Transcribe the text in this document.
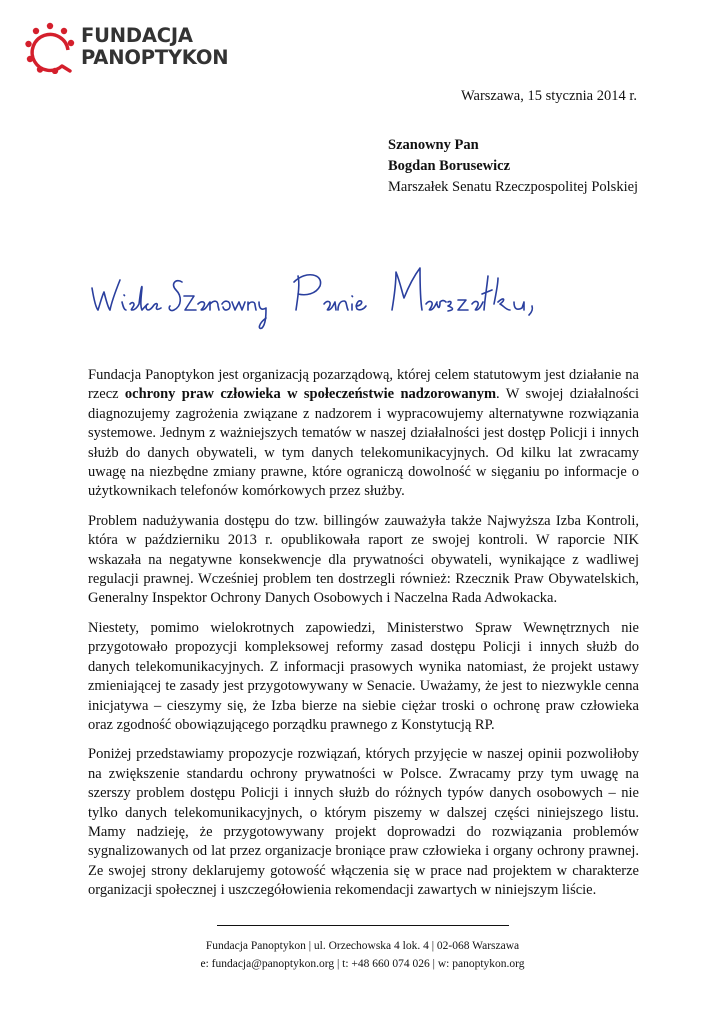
FUNDACJA
PANOPTYKON

Warszawa, 15 stycznia 2014 r.

Szanowny Pan
Bogdan Borusewicz
Marszałek Senatu Rzeczpospolitej Polskiej

Fundacja Panoptykon jest organizacją pozarządową, której celem statutowym jest działanie na rzecz ochrony praw człowieka w społeczeństwie nadzorowanym. W swojej działalności diagnozujemy zagrożenia związane z nadzorem i wypracowujemy alternatywne rozwiązania systemowe. Jednym z ważniejszych tematów w naszej działalności jest dostęp Policji i innych służb do danych obywateli, w tym danych telekomunikacyjnych. Od kilku lat zwracamy uwagę na niezbędne zmiany prawne, które ograniczą dowolność w sięganiu po informacje o użytkownikach telefonów komórkowych przez służby.

Problem nadużywania dostępu do tzw. billingów zauważyła także Najwyższa Izba Kontroli, która w październiku 2013 r. opublikowała raport ze swojej kontroli. W raporcie NIK wskazała na negatywne konsekwencje dla prywatności obywateli, wynikające z wadliwej regulacji prawnej. Wcześniej problem ten dostrzegli również: Rzecznik Praw Obywatelskich, Generalny Inspektor Ochrony Danych Osobowych i Naczelna Rada Adwokacka.

Niestety, pomimo wielokrotnych zapowiedzi, Ministerstwo Spraw Wewnętrznych nie przygotowało propozycji kompleksowej reformy zasad dostępu Policji i innych służb do danych telekomunikacyjnych. Z informacji prasowych wynika natomiast, że projekt ustawy zmieniającej te zasady jest przygotowywany w Senacie. Uważamy, że jest to niezwykle cenna inicjatywa – cieszymy się, że Izba bierze na siebie ciężar troski o ochronę praw człowieka oraz zgodność obowiązującego porządku prawnego z Konstytucją RP.

Poniżej przedstawiamy propozycje rozwiązań, których przyjęcie w naszej opinii pozwoliłoby na zwiększenie standardu ochrony prywatności w Polsce. Zwracamy przy tym uwagę na szerszy problem dostępu Policji i innych służb do różnych typów danych osobowych – nie tylko danych telekomunikacyjnych, o którym piszemy w dalszej części niniejszego listu. Mamy nadzieję, że przygotowywany projekt doprowadzi do rozwiązania problemów sygnalizowanych od lat przez organizacje broniące praw człowieka i organy ochrony prawnej. Ze swojej strony deklarujemy gotowość włączenia się w prace nad projektem w charakterze organizacji społecznej i uszczegółowienia rekomendacji zawartych w niniejszym liście.

Fundacja Panoptykon | ul. Orzechowska 4 lok. 4 | 02-068 Warszawa
e: fundacja@panoptykon.org | t: +48 660 074 026 | w: panoptykon.org
